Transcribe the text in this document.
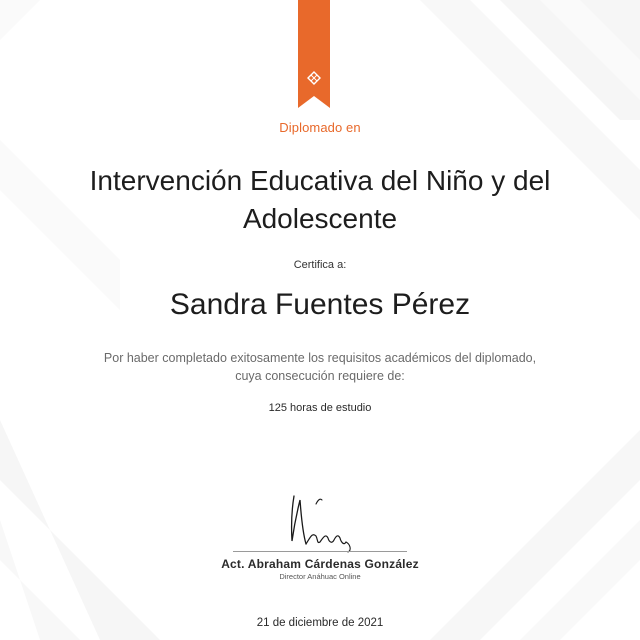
Diplomado en
Intervención Educativa del Niño y del Adolescente
Certifica a:
Sandra Fuentes Pérez
Por haber completado exitosamente los requisitos académicos del diplomado,
cuya consecución requiere de:
125 horas de estudio
Act. Abraham Cárdenas González
Director Anáhuac Online
21 de diciembre de 2021
